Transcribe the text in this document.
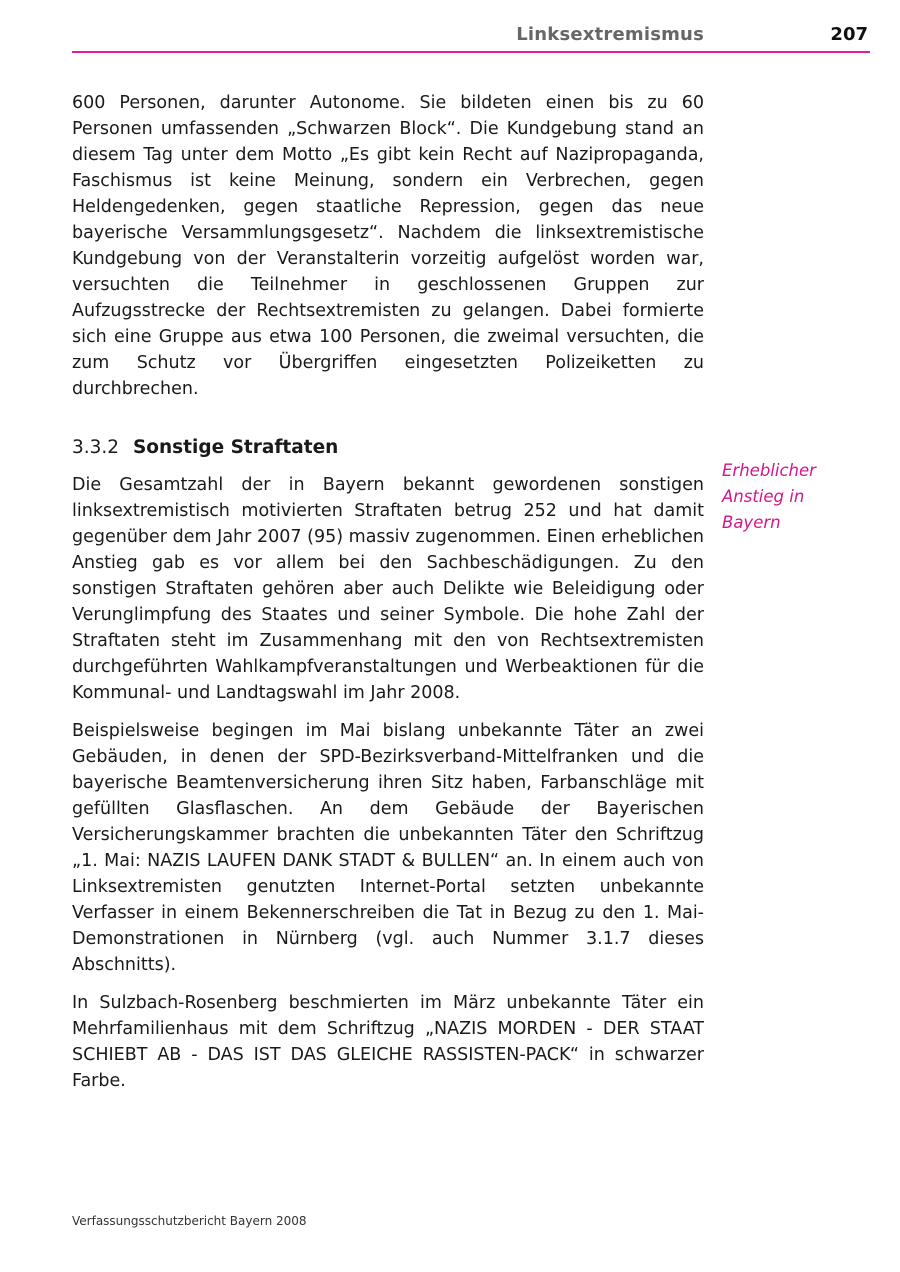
Linksextremismus	207

600 Personen, darunter Autonome. Sie bildeten einen bis zu 60 Personen umfassenden „Schwarzen Block“. Die Kundgebung stand an diesem Tag unter dem Motto „Es gibt kein Recht auf Nazipropaganda, Faschismus ist keine Meinung, sondern ein Verbrechen, gegen Heldengedenken, gegen staatliche Repression, gegen das neue bayerische Versammlungsgesetz“. Nachdem die linksextremistische Kundgebung von der Veranstalterin vorzeitig aufgelöst worden war, versuchten die Teilnehmer in geschlossenen Gruppen zur Aufzugsstrecke der Rechtsextremisten zu gelangen. Dabei formierte sich eine Gruppe aus etwa 100 Personen, die zweimal versuchten, die zum Schutz vor Übergriffen eingesetzten Polizeiketten zu durchbrechen.

3.3.2 Sonstige Straftaten

Die Gesamtzahl der in Bayern bekannt gewordenen sonstigen linksextremistisch motivierten Straftaten betrug 252 und hat damit gegenüber dem Jahr 2007 (95) massiv zugenommen. Einen erheblichen Anstieg gab es vor allem bei den Sachbeschädigungen. Zu den sonstigen Straftaten gehören aber auch Delikte wie Beleidigung oder Verunglimpfung des Staates und seiner Symbole. Die hohe Zahl der Straftaten steht im Zusammenhang mit den von Rechtsextremisten durchgeführten Wahlkampfveranstaltungen und Werbeaktionen für die Kommunal- und Landtagswahl im Jahr 2008.

Beispielsweise begingen im Mai bislang unbekannte Täter an zwei Gebäuden, in denen der SPD-Bezirksverband-Mittelfranken und die bayerische Beamtenversicherung ihren Sitz haben, Farbanschläge mit gefüllten Glasflaschen. An dem Gebäude der Bayerischen Versicherungskammer brachten die unbekannten Täter den Schriftzug „1. Mai: NAZIS LAUFEN DANK STADT & BULLEN“ an. In einem auch von Linksextremisten genutzten Internet-Portal setzten unbekannte Verfasser in einem Bekennerschreiben die Tat in Bezug zu den 1. Mai-Demonstrationen in Nürnberg (vgl. auch Nummer 3.1.7 dieses Abschnitts).

In Sulzbach-Rosenberg beschmierten im März unbekannte Täter ein Mehrfamilienhaus mit dem Schriftzug „NAZIS MORDEN - DER STAAT SCHIEBT AB - DAS IST DAS GLEICHE RASSISTEN-PACK“ in schwarzer Farbe.

Erheblicher
Anstieg in
Bayern
Verfassungsschutzbericht Bayern 2008
